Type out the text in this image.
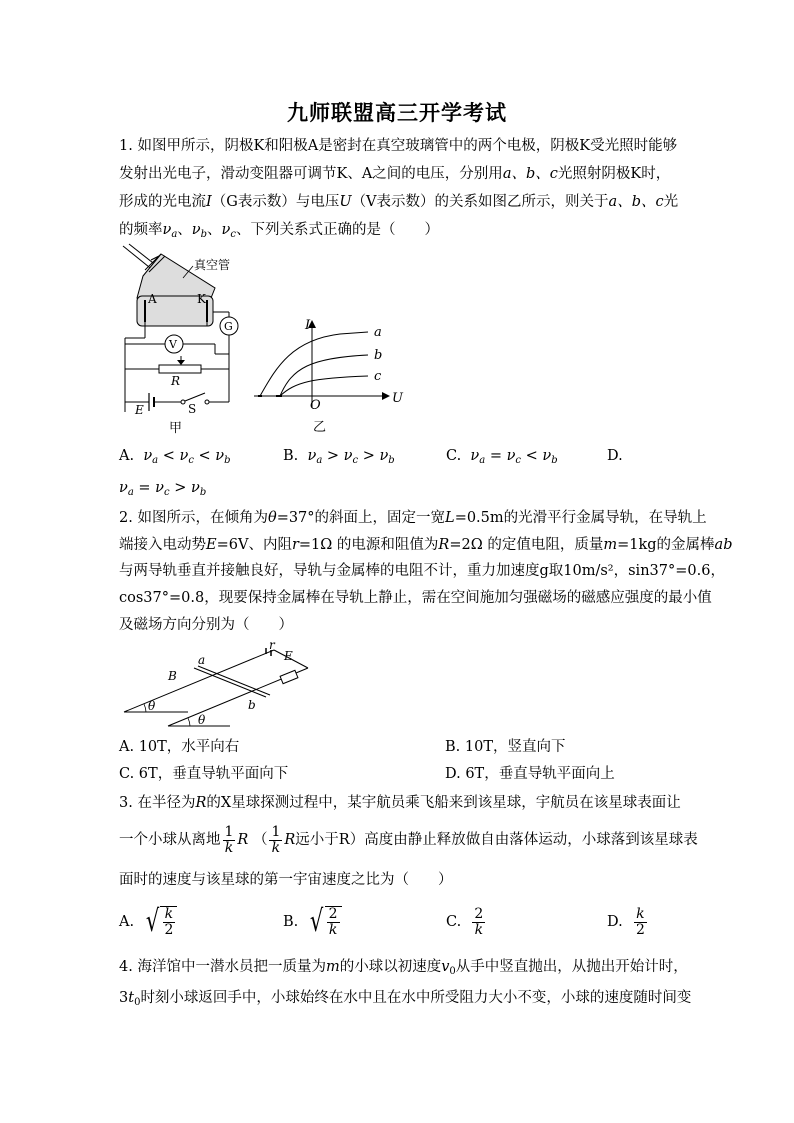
九师联盟高三开学考试
1. 如图甲所示，阴极K和阳极A是密封在真空玻璃管中的两个电极，阴极K受光照时能够
发射出光电子，滑动变阻器可调节K、A之间的电压，分别用a、b、c光照射阴极K时，
形成的光电流I（G表示数）与电压U（V表示数）的关系如图乙所示，则关于a、b、c光
的频率$\nu_a$、$\nu_b$、$\nu_c$、下列关系式正确的是（　　）
A	K
真空管
G
V
R
E	S
甲
I
U
O
a
b
c
乙
A. $\nu_a < \nu_c < \nu_b$	B. $\nu_a > \nu_c > \nu_b$	C. $\nu_a = \nu_c < \nu_b$	D.
$\nu_a = \nu_c > \nu_b$
2. 如图所示，在倾角为θ=37°的斜面上，固定一宽L=0.5m的光滑平行金属导轨，在导轨上
端接入电动势E=6V、内阻r=1Ω 的电源和阻值为R=2Ω 的定值电阻，质量m=1kg的金属棒ab
与两导轨垂直并接触良好，导轨与金属棒的电阻不计，重力加速度g取10m/s²，sin37°=0.6，
cos37°=0.8，现要保持金属棒在导轨上静止，需在空间施加匀强磁场的磁感应强度的最小值
及磁场方向分别为（　　）
θ
θ
a
b
B
r
E
A. 10T，水平向右	B. 10T，竖直向下
C. 6T，垂直导轨平面向下	D. 6T，垂直导轨平面向上
3. 在半径为R的X星球探测过程中，某宇航员乘飞船来到该星球，宇航员在该星球表面让
一个小球从离地 $\frac{1}{k}$ R （ $\frac{1}{k}$ R远小于R）高度由静止释放做自由落体运动，小球落到该星球表
面时的速度与该星球的第一宇宙速度之比为（　　）
A. √ $\frac{k}{2}$	B. √ $\frac{2}{k}$	C. $\frac{2}{k}$	D. $\frac{k}{2}$
4. 海洋馆中一潜水员把一质量为m的小球以初速度$v_0$从手中竖直抛出，从抛出开始计时，
$3t_0$时刻小球返回手中，小球始终在水中且在水中所受阻力大小不变，小球的速度随时间变
